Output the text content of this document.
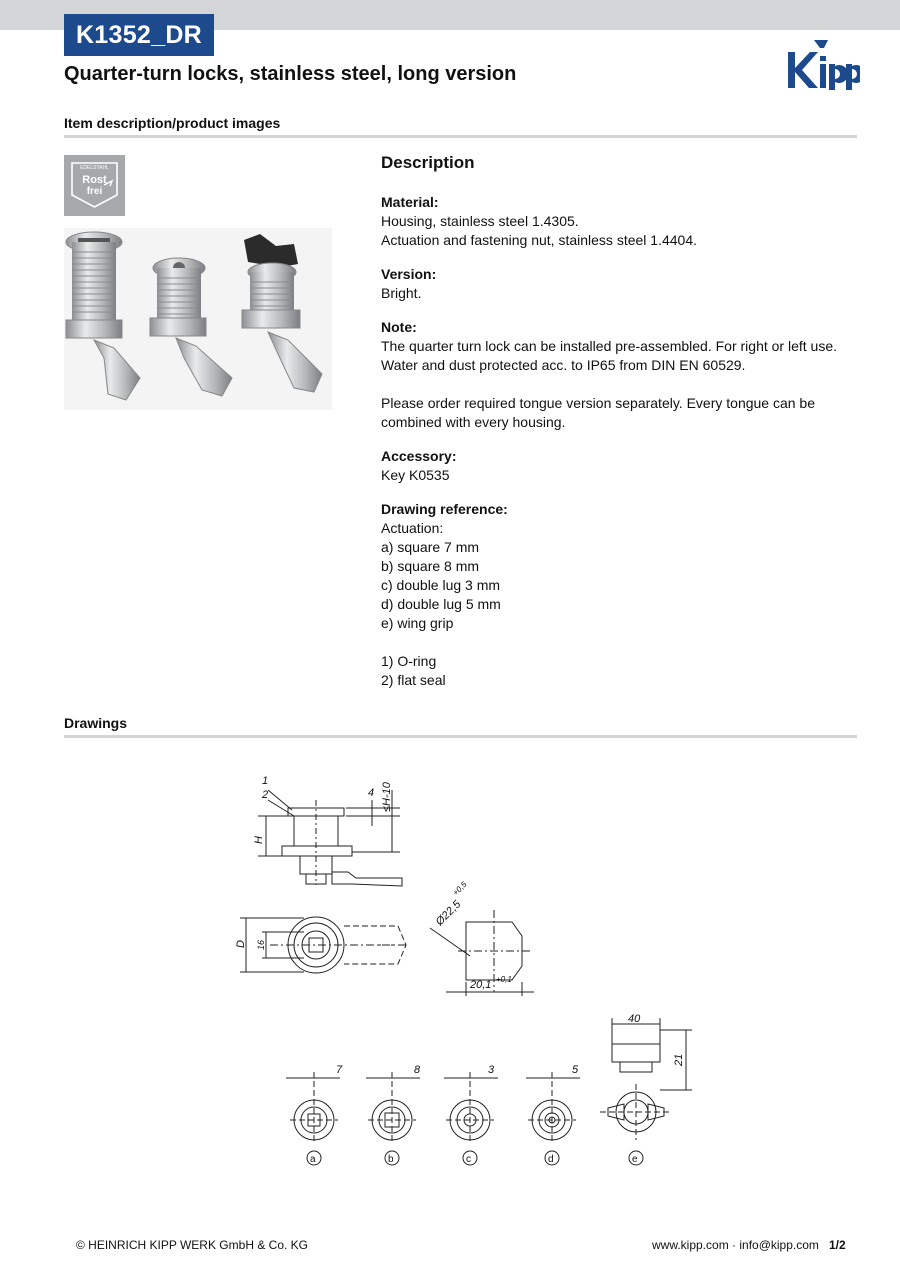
K1352_DR
Quarter-turn locks, stainless steel, long version
Item description/product images
EDELSTAHL
Rost
frei
Description
Material:
Housing, stainless steel 1.4305.
Actuation and fastening nut, stainless steel 1.4404.
Version:
Bright.
Note:
The quarter turn lock can be installed pre-assembled. For right or left use. Water and dust protected acc. to IP65 from DIN EN 60529.
Please order required tongue version separately. Every tongue can be combined with every housing.
Accessory:
Key K0535
Drawing reference:
Actuation:
a) square 7 mm
b) square 8 mm
c) double lug 3 mm
d) double lug 5 mm
e) wing grip
1) O-ring
2) flat seal
Drawings
1
2	4 ≤H-10
H
D 16
Ø22,5
+0,5
20,1 +0,1
7	8	3	5
40
21
a	b	c	d	e
© HEINRICH KIPP WERK GmbH & Co. KG	www.kipp.com · info@kipp.com 1/2
